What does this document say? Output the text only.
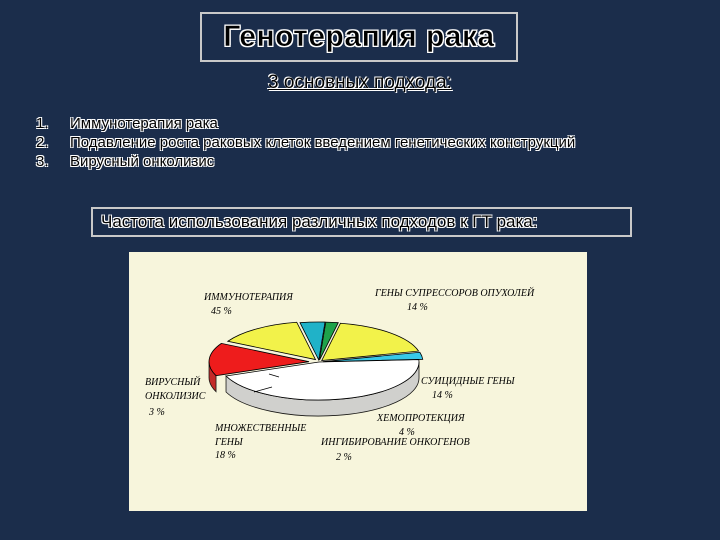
Генотерапия рака
3 основных подхода:
1.	Иммунотерапия рака
2.	Подавление роста раковых клеток введением генетических конструкций
3.	Вирусный онколизис
Частота использования различных подходов к ГТ рака:
ИММУНОТЕРАПИЯ
45 %
ГЕНЫ СУПРЕССОРОВ ОПУХОЛЕЙ
14 %
СУИЦИДНЫЕ ГЕНЫ
14 %
ХЕМОПРОТЕКЦИЯ
4 %
ИНГИБИРОВАНИЕ ОНКОГЕНОВ
2 %
МНОЖЕСТВЕННЫЕ
ГЕНЫ
18 %
ВИРУСНЫЙ
ОНКОЛИЗИС
3 %
